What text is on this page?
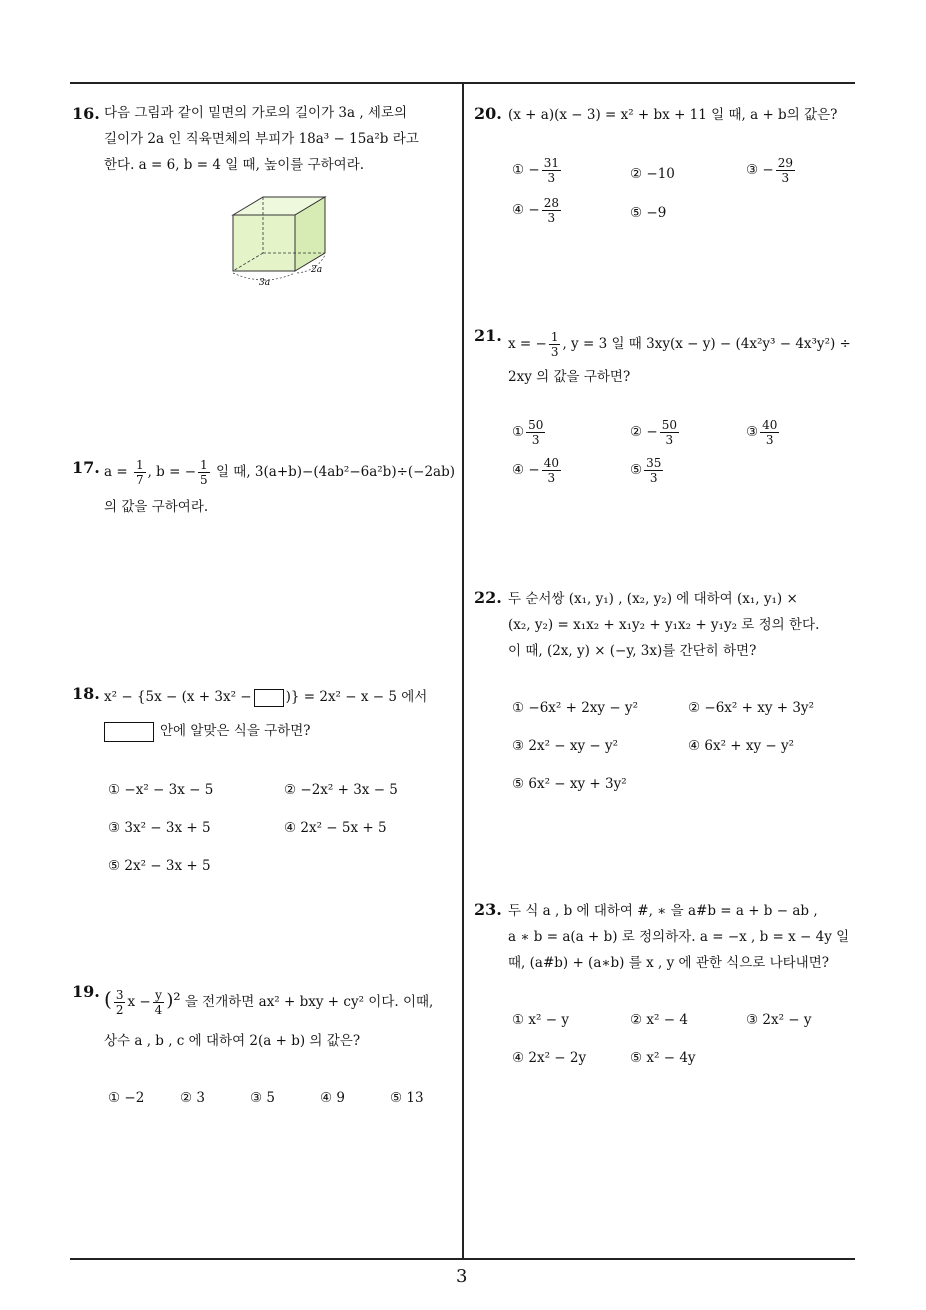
16. 다음 그림과 같이 밑면의 가로의 길이가 3a , 세로의
길이가 2a 인 직육면체의 부피가 18a³ − 15a²b 라고
한다. a = 6, b = 4 일 때, 높이를 구하여라.
3a
2a
17. $a = \frac{1}{7}$ , b = − $\frac{1}{5}$ 일 때, 3(a+b)−(4ab²−6a²b)÷(−2ab)
의 값을 구하여라.
18. x² − {5x − (x + 3x² −	)} = 2x² − x − 5 에서
안에 알맞은 식을 구하면?
① −x² − 3x − 5	② −2x² + 3x − 5
③ 3x² − 3x + 5	④ 2x² − 5x + 5
⑤ 2x² − 3x + 5
19. ( $\frac{3}{2}$ $x - \frac{y}{4} )^2$ 을 전개하면 ax² + bxy + cy² 이다. 이때,
상수 a , b , c 에 대하여 2(a + b) 의 값은?
① −2	② 3	③ 5	④ 9	⑤ 13
20. (x + a)(x − 3) = x² + bx + 11 일 때, a + b의 값은?
① − $\frac{31}{3}$	② −10	③ − $\frac{29}{3}$
④ − $\frac{28}{3}$	⑤ −9
21. x = − $\frac{1}{3}$ , y = 3 일 때 3xy(x − y) − (4x²y³ − 4x³y²) ÷
2xy 의 값을 구하면?
① $\frac{50}{3}$	② − $\frac{50}{3}$	③ $\frac{40}{3}$
④ − $\frac{40}{3}$	⑤ $\frac{35}{3}$
22. 두 순서쌍 (x₁, y₁) , (x₂, y₂) 에 대하여 (x₁, y₁) ×
(x₂, y₂) = x₁x₂ + x₁y₂ + y₁x₂ + y₁y₂ 로 정의 한다.
이 때, (2x, y) × (−y, 3x)를 간단히 하면?
① −6x² + 2xy − y²	② −6x² + xy + 3y²
③ 2x² − xy − y²	④ 6x² + xy − y²
⑤ 6x² − xy + 3y²
23. 두 식 a , b 에 대하여 #, ∗ 을 a#b = a + b − ab ,
a ∗ b = a(a + b) 로 정의하자. a = −x , b = x − 4y 일
때, (a#b) + (a∗b) 를 x , y 에 관한 식으로 나타내면?
① x² − y	② x² − 4	③ 2x² − y
④ 2x² − 2y	⑤ x² − 4y
3
